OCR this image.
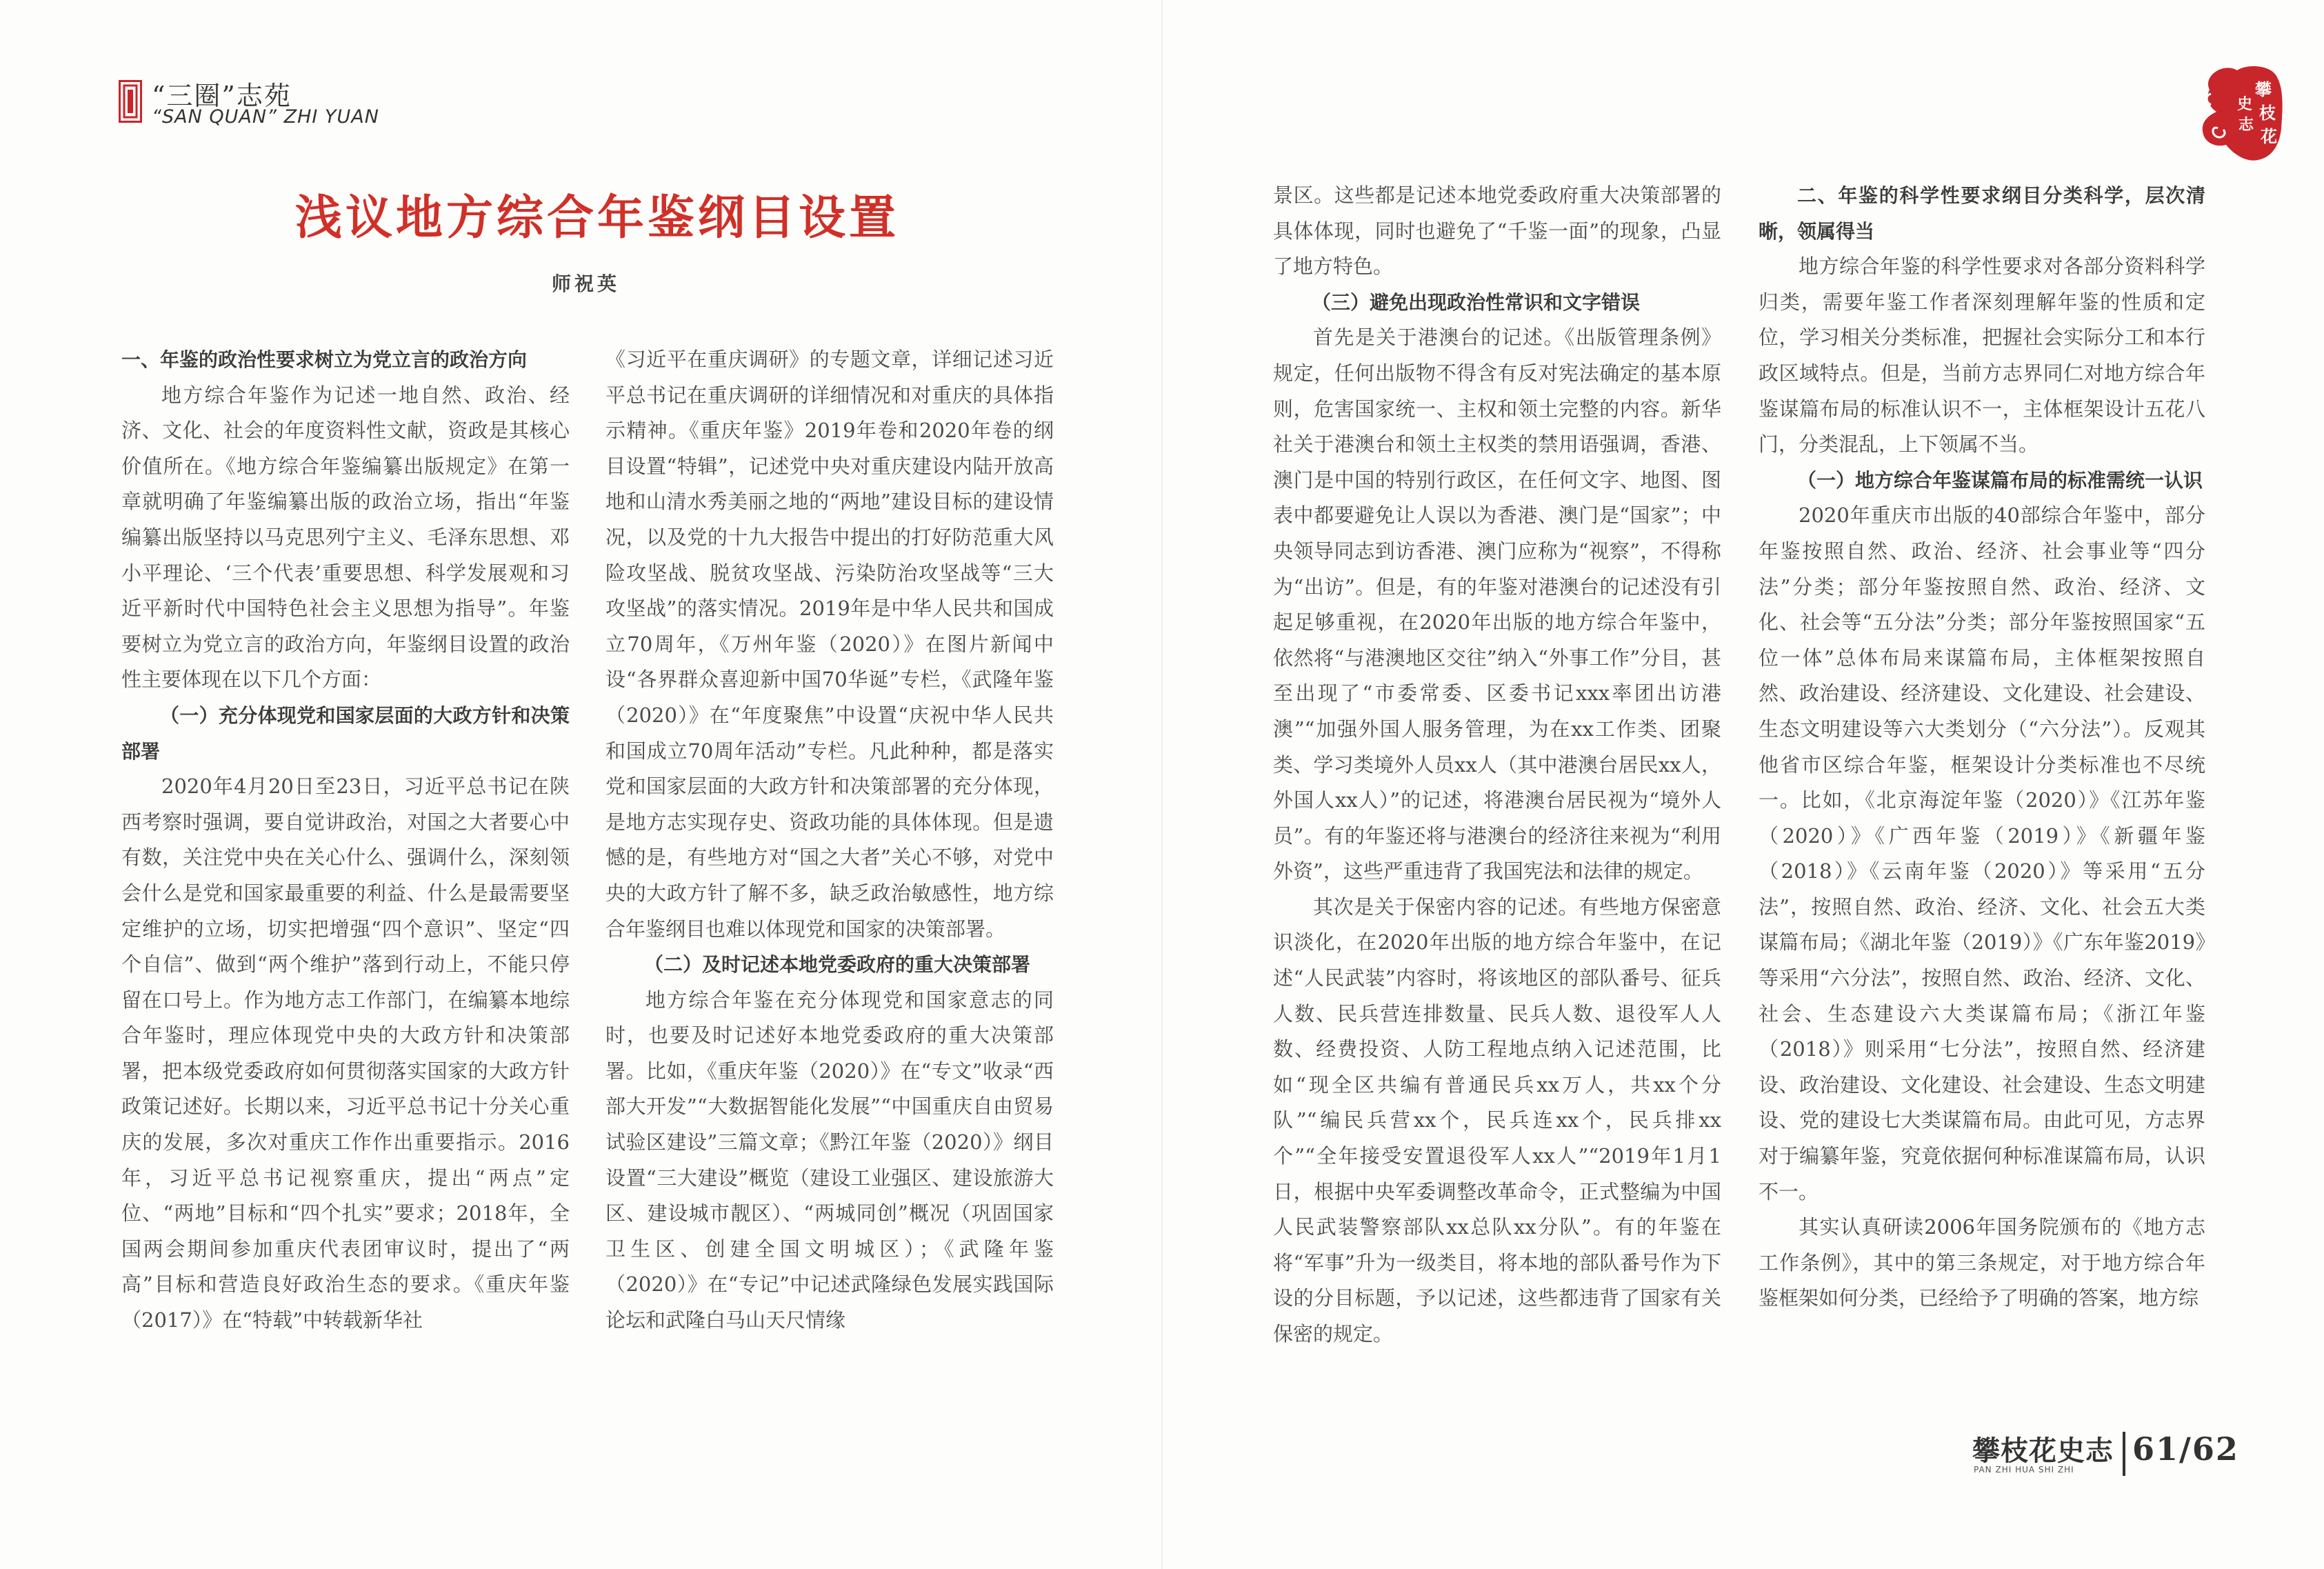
“三圈”志苑
“SAN QUAN” ZHI YUAN
攀
史 枝
志
花
浅议地方综合年鉴纲目设置
师祝英
一、年鉴的政治性要求树立为党立言的政治方向

地方综合年鉴作为记述一地自然、政治、经济、文化、社会的年度资料性文献，资政是其核心价值所在。《地方综合年鉴编纂出版规定》在第一章就明确了年鉴编纂出版的政治立场，指出“年鉴编纂出版坚持以马克思列宁主义、毛泽东思想、邓小平理论、‘三个代表’重要思想、科学发展观和习近平新时代中国特色社会主义思想为指导”。年鉴要树立为党立言的政治方向，年鉴纲目设置的政治性主要体现在以下几个方面：

（一）充分体现党和国家层面的大政方针和决策部署

2020年4月20日至23日，习近平总书记在陕西考察时强调，要自觉讲政治，对国之大者要心中有数，关注党中央在关心什么、强调什么，深刻领会什么是党和国家最重要的利益、什么是最需要坚定维护的立场，切实把增强“四个意识”、坚定“四个自信”、做到“两个维护”落到行动上，不能只停留在口号上。作为地方志工作部门，在编纂本地综合年鉴时，理应体现党中央的大政方针和决策部署，把本级党委政府如何贯彻落实国家的大政方针政策记述好。长期以来，习近平总书记十分关心重庆的发展，多次对重庆工作作出重要指示。2016年，习近平总书记视察重庆，提出“两点”定位、“两地”目标和“四个扎实”要求；2018年，全国两会期间参加重庆代表团审议时，提出了“两高”目标和营造良好政治生态的要求。《重庆年鉴（2017）》在“特载”中转载新华社

《习近平在重庆调研》的专题文章，详细记述习近平总书记在重庆调研的详细情况和对重庆的具体指示精神。《重庆年鉴》2019年卷和2020年卷的纲目设置“特辑”，记述党中央对重庆建设内陆开放高地和山清水秀美丽之地的“两地”建设目标的建设情况，以及党的十九大报告中提出的打好防范重大风险攻坚战、脱贫攻坚战、污染防治攻坚战等“三大攻坚战”的落实情况。2019年是中华人民共和国成立70周年，《万州年鉴（2020）》在图片新闻中设“各界群众喜迎新中国70华诞”专栏，《武隆年鉴（2020）》在“年度聚焦”中设置“庆祝中华人民共和国成立70周年活动”专栏。凡此种种，都是落实党和国家层面的大政方针和决策部署的充分体现，是地方志实现存史、资政功能的具体体现。但是遗憾的是，有些地方对“国之大者”关心不够，对党中央的大政方针了解不多，缺乏政治敏感性，地方综合年鉴纲目也难以体现党和国家的决策部署。

（二）及时记述本地党委政府的重大决策部署

地方综合年鉴在充分体现党和国家意志的同时，也要及时记述好本地党委政府的重大决策部署。比如，《重庆年鉴（2020）》在“专文”收录“西部大开发”“大数据智能化发展”“中国重庆自由贸易试验区建设”三篇文章；《黔江年鉴（2020）》纲目设置“三大建设”概览（建设工业强区、建设旅游大区、建设城市靓区）、“两城同创”概况（巩固国家卫生区、创建全国文明城区）；《武隆年鉴（2020）》在“专记”中记述武隆绿色发展实践国际论坛和武隆白马山天尺情缘

景区。这些都是记述本地党委政府重大决策部署的具体体现，同时也避免了“千鉴一面”的现象，凸显了地方特色。

（三）避免出现政治性常识和文字错误

首先是关于港澳台的记述。《出版管理条例》规定，任何出版物不得含有反对宪法确定的基本原则，危害国家统一、主权和领土完整的内容。新华社关于港澳台和领土主权类的禁用语强调，香港、澳门是中国的特别行政区，在任何文字、地图、图表中都要避免让人误以为香港、澳门是“国家”；中央领导同志到访香港、澳门应称为“视察”，不得称为“出访”。但是，有的年鉴对港澳台的记述没有引起足够重视，在2020年出版的地方综合年鉴中，依然将“与港澳地区交往”纳入“外事工作”分目，甚至出现了“市委常委、区委书记xxx率团出访港澳”“加强外国人服务管理，为在xx工作类、团聚类、学习类境外人员xx人（其中港澳台居民xx人，外国人xx人）”的记述，将港澳台居民视为“境外人员”。有的年鉴还将与港澳台的经济往来视为“利用外资”，这些严重违背了我国宪法和法律的规定。

其次是关于保密内容的记述。有些地方保密意识淡化，在2020年出版的地方综合年鉴中，在记述“人民武装”内容时，将该地区的部队番号、征兵人数、民兵营连排数量、民兵人数、退役军人人数、经费投资、人防工程地点纳入记述范围，比如“现全区共编有普通民兵xx万人，共xx个分队”“编民兵营xx个，民兵连xx个，民兵排xx个”“全年接受安置退役军人xx人”“2019年1月1日，根据中央军委调整改革命令，正式整编为中国人民武装警察部队xx总队xx分队”。有的年鉴在将“军事”升为一级类目，将本地的部队番号作为下设的分目标题，予以记述，这些都违背了国家有关保密的规定。

二、年鉴的科学性要求纲目分类科学，层次清晰，领属得当

地方综合年鉴的科学性要求对各部分资料科学归类，需要年鉴工作者深刻理解年鉴的性质和定位，学习相关分类标准，把握社会实际分工和本行政区域特点。但是，当前方志界同仁对地方综合年鉴谋篇布局的标准认识不一，主体框架设计五花八门，分类混乱，上下领属不当。

（一）地方综合年鉴谋篇布局的标准需统一认识

2020年重庆市出版的40部综合年鉴中，部分年鉴按照自然、政治、经济、社会事业等“四分法”分类；部分年鉴按照自然、政治、经济、文化、社会等“五分法”分类；部分年鉴按照国家“五位一体”总体布局来谋篇布局，主体框架按照自然、政治建设、经济建设、文化建设、社会建设、生态文明建设等六大类划分（“六分法”）。反观其他省市区综合年鉴，框架设计分类标准也不尽统一。比如，《北京海淀年鉴（2020）》《江苏年鉴（2020）》《广西年鉴（2019）》《新疆年鉴（2018）》《云南年鉴（2020）》等采用“五分法”，按照自然、政治、经济、文化、社会五大类谋篇布局；《湖北年鉴（2019）》《广东年鉴2019》等采用“六分法”，按照自然、政治、经济、文化、社会、生态建设六大类谋篇布局；《浙江年鉴（2018）》则采用“七分法”，按照自然、经济建设、政治建设、文化建设、社会建设、生态文明建设、党的建设七大类谋篇布局。由此可见，方志界对于编纂年鉴，究竟依据何种标准谋篇布局，认识不一。

其实认真研读2006年国务院颁布的《地方志工作条例》，其中的第三条规定，对于地方综合年鉴框架如何分类，已经给予了明确的答案，地方综

攀枝花史志
PAN ZHI HUA SHI ZHI
61/62
